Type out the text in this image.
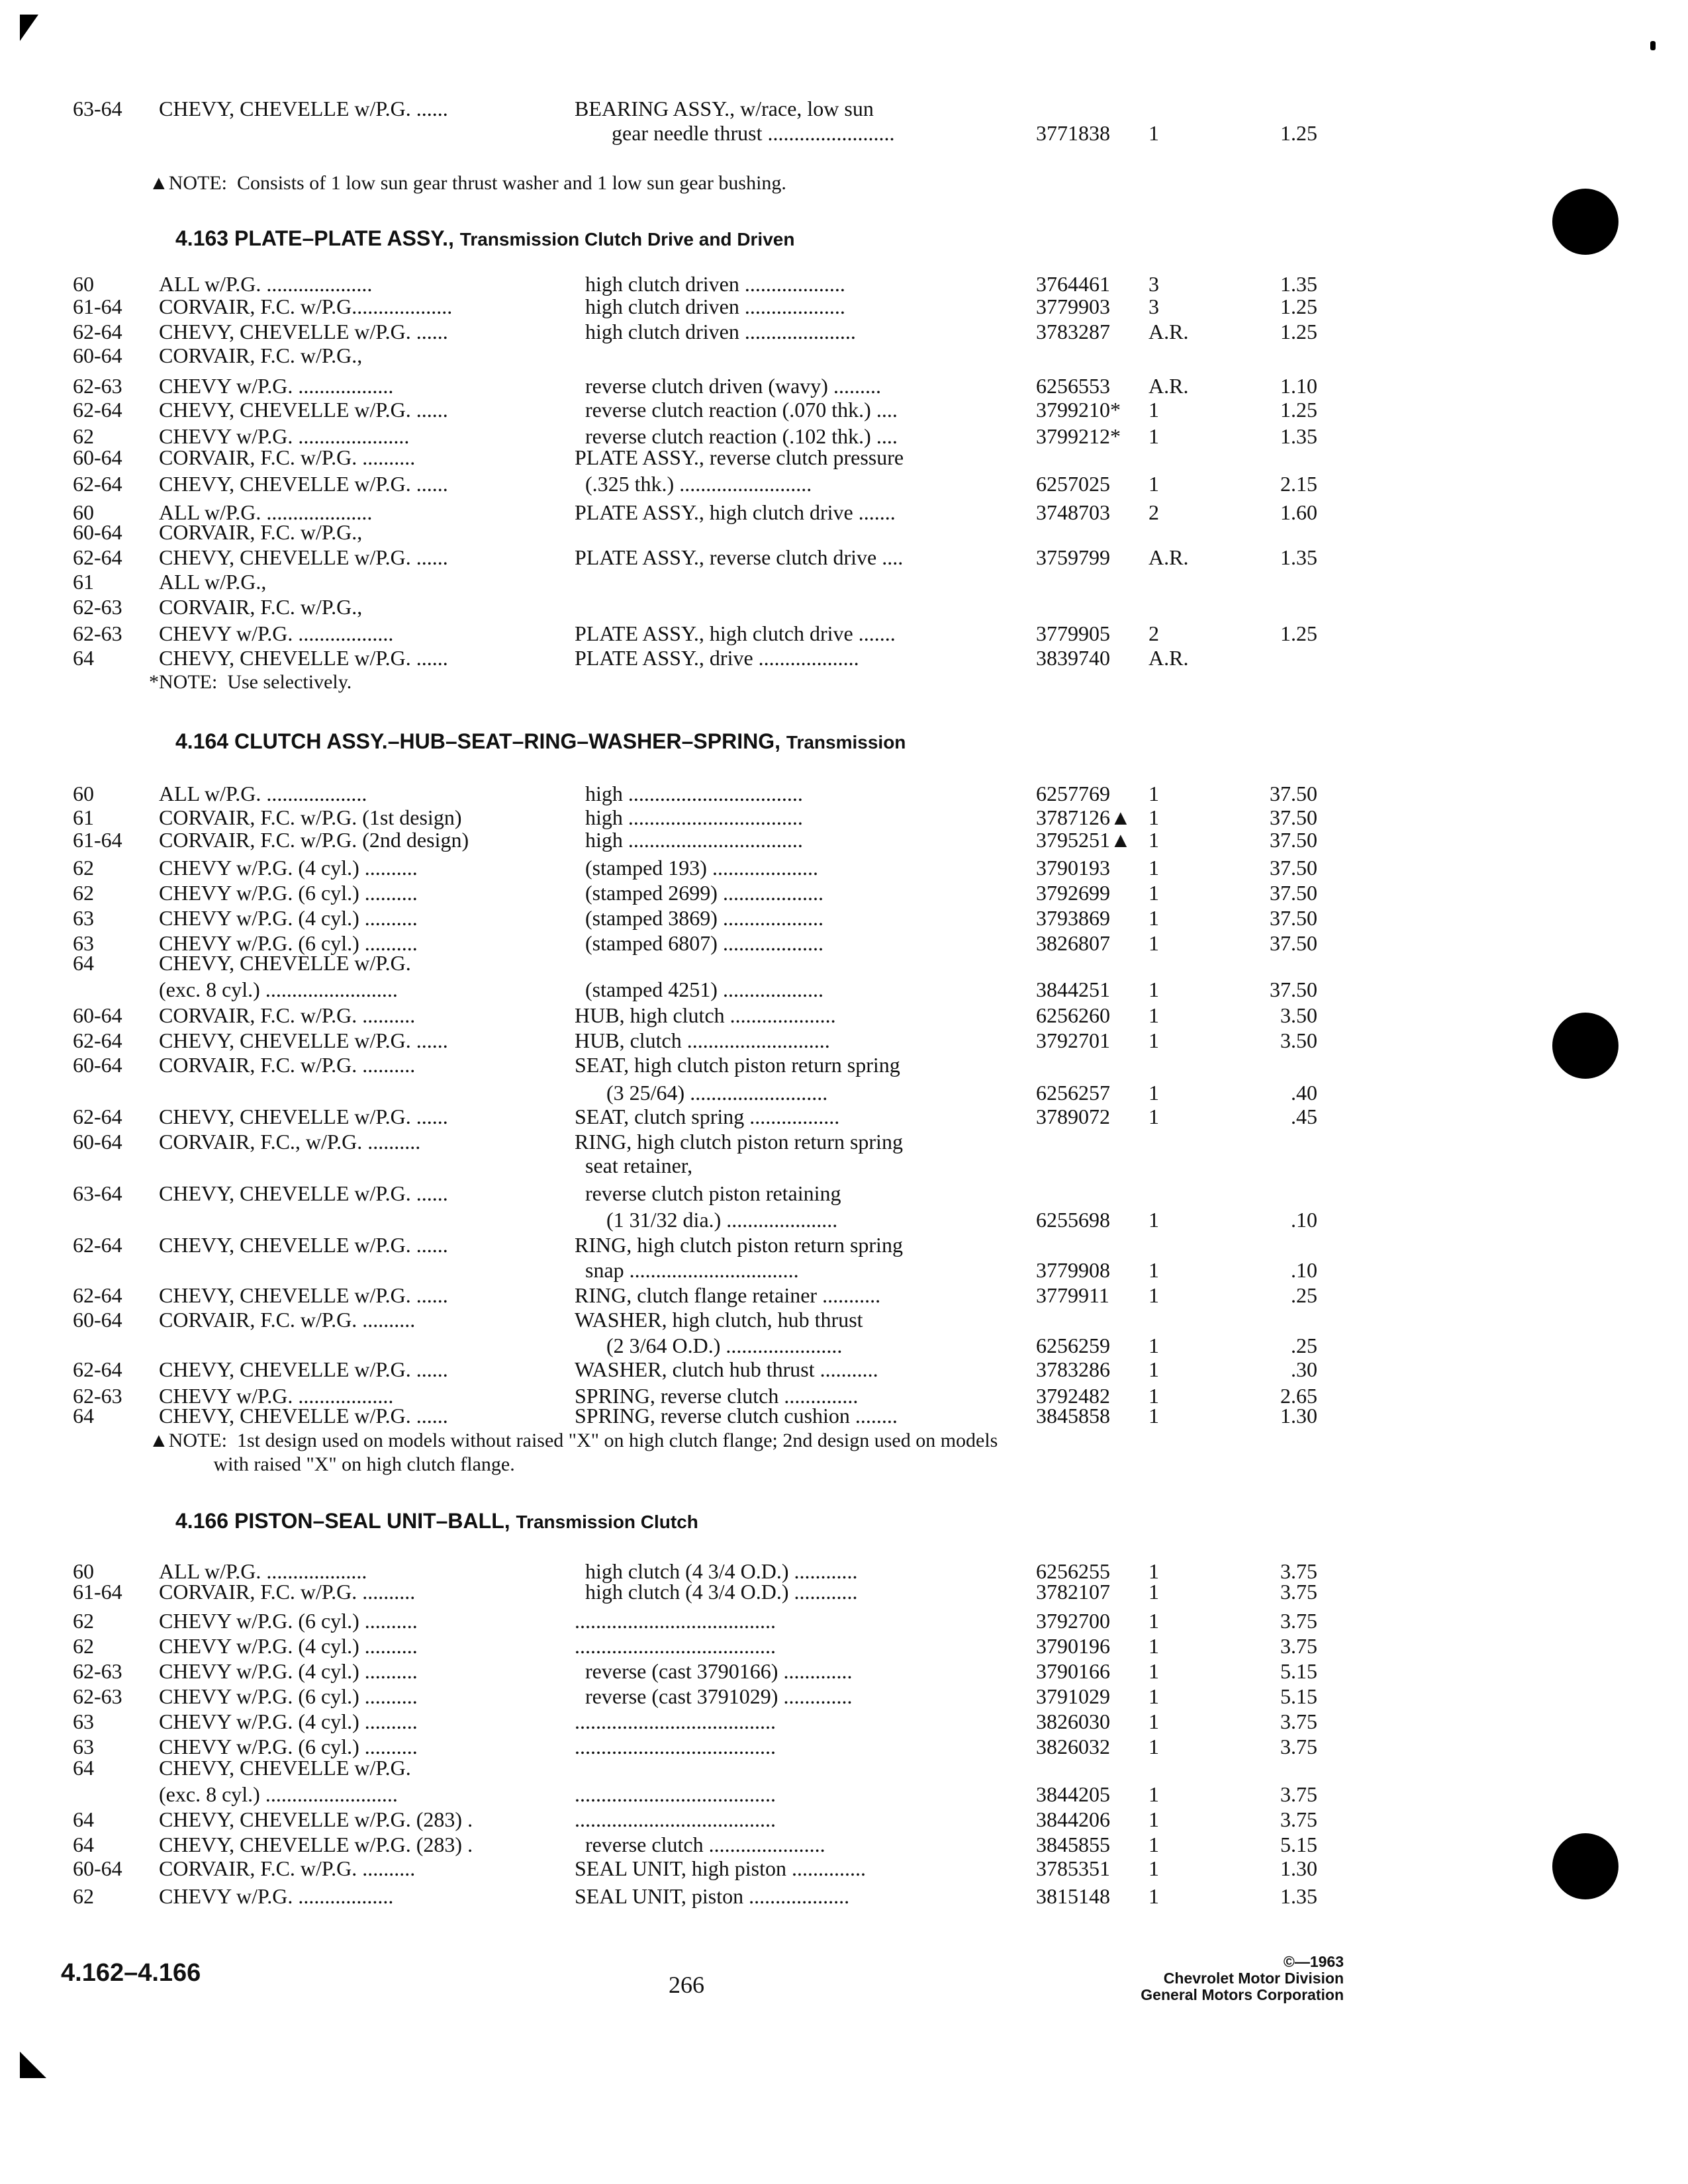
63-64 CHEVY, CHEVELLE w/P.G. ......	BEARING ASSY., w/race, low sun
gear needle thrust ........................	3771838 1	1.25
▲NOTE:  Consists of 1 low sun gear thrust washer and 1 low sun gear bushing.
4.163 PLATE–PLATE ASSY., Transmission Clutch Drive and Driven
60	ALL w/P.G. ....................	high clutch driven ...................	3764461 3	1.35
61-64 CORVAIR, F.C. w/P.G...................	high clutch driven ...................	3779903 3	1.25
62-64 CHEVY, CHEVELLE w/P.G. ......	high clutch driven .....................	3783287 A.R.	1.25
60-64 CORVAIR, F.C. w/P.G.,
62-63 CHEVY w/P.G. ..................	reverse clutch driven (wavy) .........	6256553 A.R.	1.10
62-64 CHEVY, CHEVELLE w/P.G. ......	reverse clutch reaction (.070 thk.) ....	3799210* 1	1.25
62	CHEVY w/P.G. .....................	reverse clutch reaction (.102 thk.) ....	3799212* 1	1.35
60-64 CORVAIR, F.C. w/P.G. ..........	PLATE ASSY., reverse clutch pressure
62-64 CHEVY, CHEVELLE w/P.G. ......	(.325 thk.) .........................	6257025 1	2.15
60	ALL w/P.G. ....................	PLATE ASSY., high clutch drive .......	3748703 2	1.60
60-64 CORVAIR, F.C. w/P.G.,
62-64 CHEVY, CHEVELLE w/P.G. ......	PLATE ASSY., reverse clutch drive ....	3759799 A.R.	1.35
61	ALL w/P.G.,
62-63 CORVAIR, F.C. w/P.G.,
62-63 CHEVY w/P.G. ..................	PLATE ASSY., high clutch drive .......	3779905 2	1.25
64	CHEVY, CHEVELLE w/P.G. ......	PLATE ASSY., drive ...................	3839740 A.R.
*NOTE:  Use selectively.
4.164 CLUTCH ASSY.–HUB–SEAT–RING–WASHER–SPRING, Transmission
60	ALL w/P.G. ...................	high .................................	6257769 1	37.50
61	CORVAIR, F.C. w/P.G. (1st design)	high .................................	3787126▲ 1	37.50
61-64 CORVAIR, F.C. w/P.G. (2nd design)	high .................................	3795251▲ 1	37.50
62	CHEVY w/P.G. (4 cyl.) ..........	(stamped 193) ....................	3790193 1	37.50
62	CHEVY w/P.G. (6 cyl.) ..........	(stamped 2699) ...................	3792699 1	37.50
63	CHEVY w/P.G. (4 cyl.) ..........	(stamped 3869) ...................	3793869 1	37.50
63	CHEVY w/P.G. (6 cyl.) ..........	(stamped 6807) ...................	3826807 1	37.50
64	CHEVY, CHEVELLE w/P.G.
(exc. 8 cyl.) .........................	(stamped 4251) ...................	3844251 1	37.50
60-64 CORVAIR, F.C. w/P.G. ..........	HUB, high clutch ....................	6256260 1	3.50
62-64 CHEVY, CHEVELLE w/P.G. ......	HUB, clutch ...........................	3792701 1	3.50
60-64 CORVAIR, F.C. w/P.G. ..........	SEAT, high clutch piston return spring
(3 25/64) ..........................	6256257 1	.40
62-64 CHEVY, CHEVELLE w/P.G. ......	SEAT, clutch spring .................	3789072 1	.45
60-64 CORVAIR, F.C., w/P.G. ..........	RING, high clutch piston return spring
seat retainer,
63-64 CHEVY, CHEVELLE w/P.G. ......	reverse clutch piston retaining
(1 31/32 dia.) .....................	6255698 1	.10
62-64 CHEVY, CHEVELLE w/P.G. ......	RING, high clutch piston return spring
snap ................................	3779908 1	.10
62-64 CHEVY, CHEVELLE w/P.G. ......	RING, clutch flange retainer ...........	3779911 1	.25
60-64 CORVAIR, F.C. w/P.G. ..........	WASHER, high clutch, hub thrust
(2 3/64 O.D.) ......................	6256259 1	.25
62-64 CHEVY, CHEVELLE w/P.G. ......	WASHER, clutch hub thrust ...........	3783286 1	.30
62-63 CHEVY w/P.G. ..................	SPRING, reverse clutch ..............	3792482 1	2.65
64	CHEVY, CHEVELLE w/P.G. ......	SPRING, reverse clutch cushion ........	3845858 1	1.30
▲NOTE:  1st design used on models without raised "X" on high clutch flange; 2nd design used on models
with raised "X" on high clutch flange.
4.166 PISTON–SEAL UNIT–BALL, Transmission Clutch
60	ALL w/P.G. ...................	high clutch (4 3/4 O.D.) ............	6256255 1	3.75
61-64 CORVAIR, F.C. w/P.G. ..........	high clutch (4 3/4 O.D.) ............	3782107 1	3.75
62	CHEVY w/P.G. (6 cyl.) ..........	......................................	3792700 1	3.75
62	CHEVY w/P.G. (4 cyl.) ..........	......................................	3790196 1	3.75
62-63 CHEVY w/P.G. (4 cyl.) ..........	reverse (cast 3790166) .............	3790166 1	5.15
62-63 CHEVY w/P.G. (6 cyl.) ..........	reverse (cast 3791029) .............	3791029 1	5.15
63	CHEVY w/P.G. (4 cyl.) ..........	......................................	3826030 1	3.75
63	CHEVY w/P.G. (6 cyl.) ..........	......................................	3826032 1	3.75
64	CHEVY, CHEVELLE w/P.G.
(exc. 8 cyl.) .........................	......................................	3844205 1	3.75
64	CHEVY, CHEVELLE w/P.G. (283) .	......................................	3844206 1	3.75
64	CHEVY, CHEVELLE w/P.G. (283) .	reverse clutch ......................	3845855 1	5.15
60-64 CORVAIR, F.C. w/P.G. ..........	SEAL UNIT, high piston ..............	3785351 1	1.30
62	CHEVY w/P.G. ..................	SEAL UNIT, piston ...................	3815148 1	1.35
4.162–4.166	266
©—1963
Chevrolet Motor Division
General Motors Corporation
